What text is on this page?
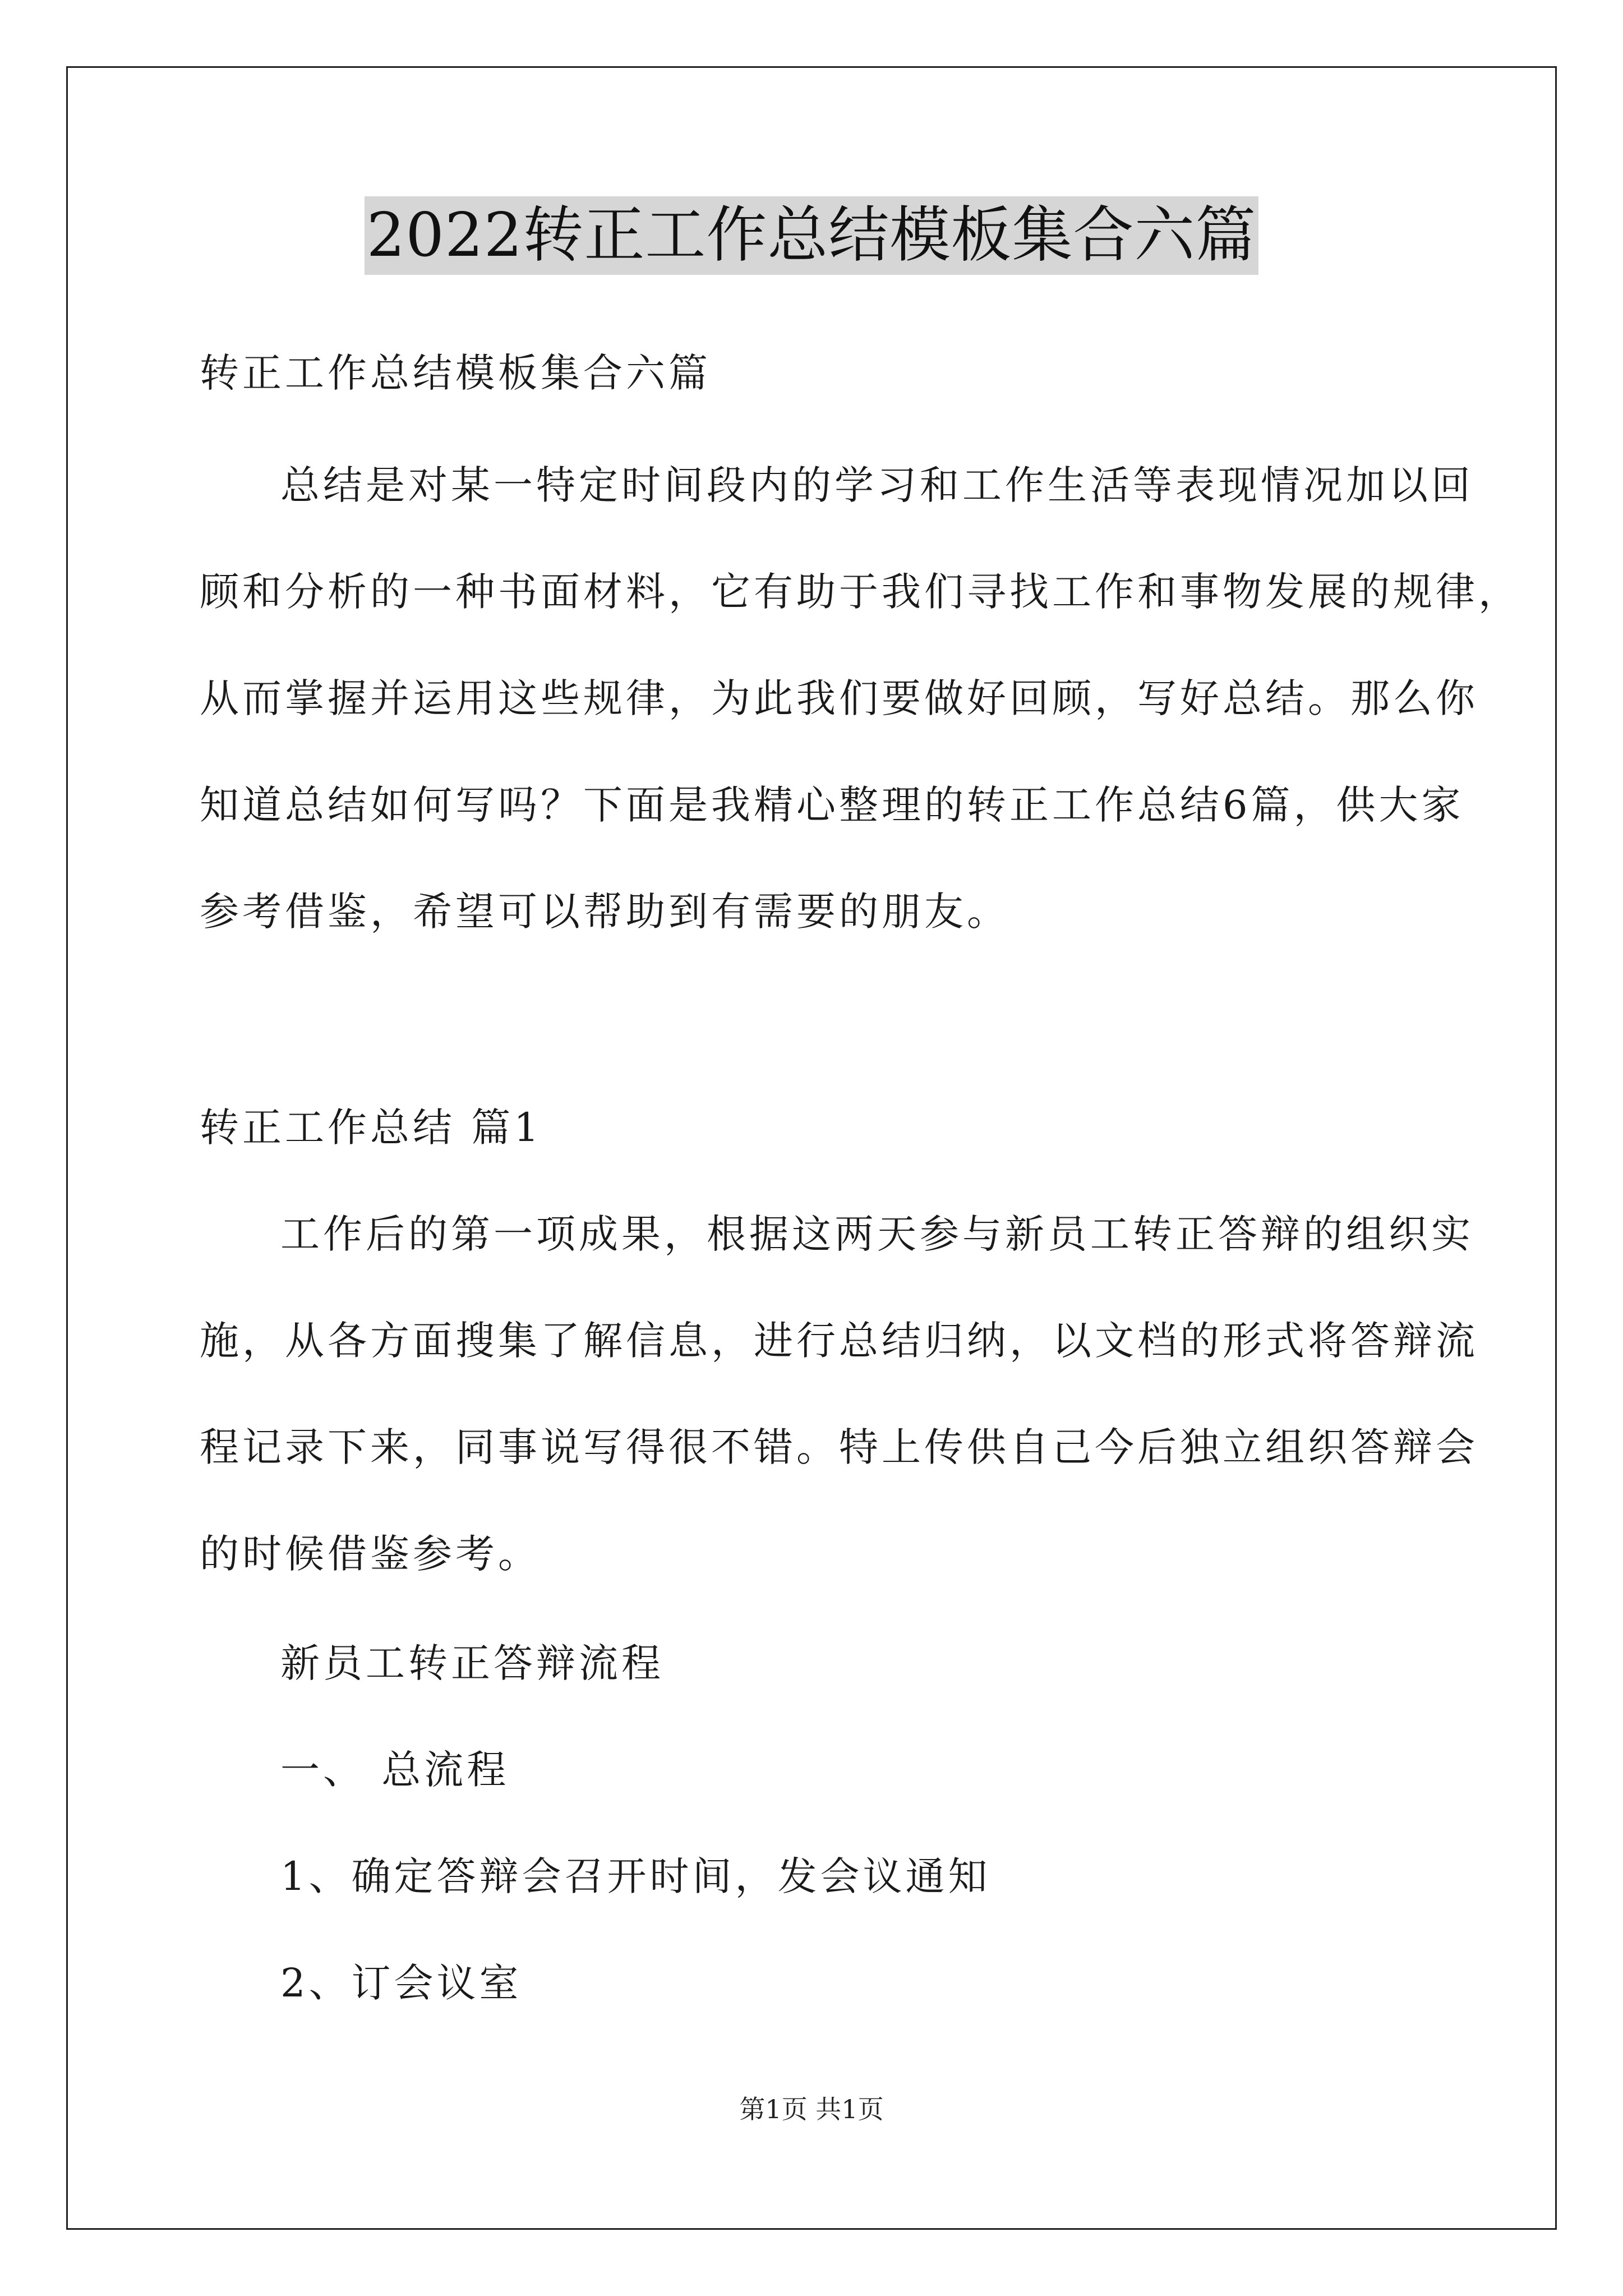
2022转正工作总结模板集合六篇
转正工作总结模板集合六篇
总结是对某一特定时间段内的学习和工作生活等表现情况加以回
顾和分析的一种书面材料，它有助于我们寻找工作和事物发展的规律，
从而掌握并运用这些规律，为此我们要做好回顾，写好总结。那么你
知道总结如何写吗？下面是我精心整理的转正工作总结6篇，供大家
参考借鉴，希望可以帮助到有需要的朋友。
转正工作总结 篇1
工作后的第一项成果，根据这两天参与新员工转正答辩的组织实
施，从各方面搜集了解信息，进行总结归纳，以文档的形式将答辩流
程记录下来，同事说写得很不错。特上传供自己今后独立组织答辩会
的时候借鉴参考。
新员工转正答辩流程
一、 总流程
1、确定答辩会召开时间，发会议通知
2、订会议室
第1页 共1页
